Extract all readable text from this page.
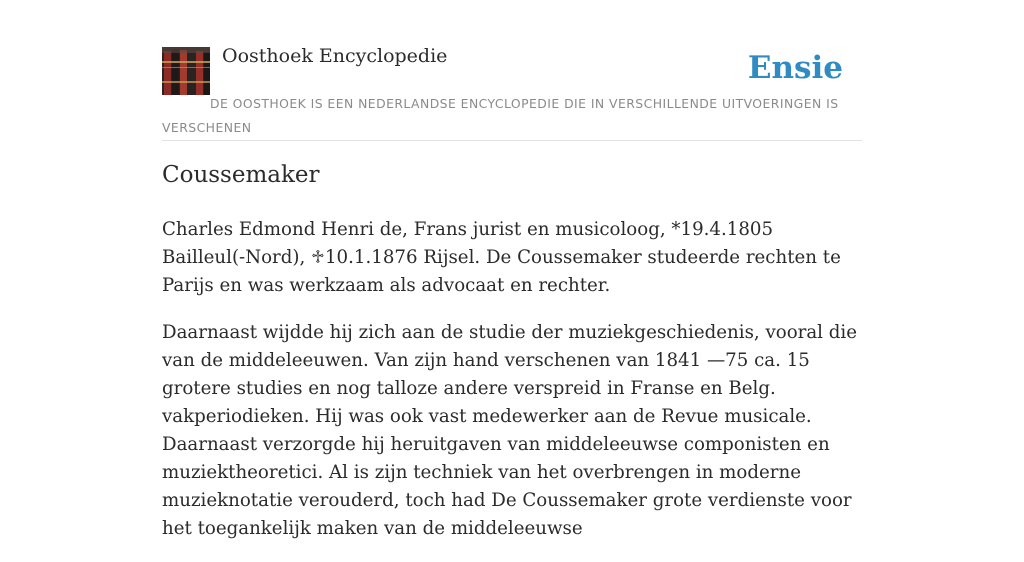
Oosthoek Encyclopedie	Ensie
DE OOSTHOEK IS EEN NEDERLANDSE ENCYCLOPEDIE DIE IN VERSCHILLENDE UITVOERINGEN IS VERSCHENEN
Coussemaker

Charles Edmond Henri de, Frans jurist en musicoloog, *19.4.1805 Bailleul(-Nord), ♱10.1.1876 Rijsel. De Coussemaker studeerde rechten te Parijs en was werkzaam als advocaat en rechter.

Daarnaast wijdde hij zich aan de studie der muziekgeschiedenis, vooral die van de middeleeuwen. Van zijn hand verschenen van 1841 —75 ca. 15 grotere studies en nog talloze andere verspreid in Franse en Belg. vakperiodieken. Hij was ook vast medewerker aan de Revue musicale. Daarnaast verzorgde hij heruitgaven van middeleeuwse componisten en muziektheoretici. Al is zijn techniek van het overbrengen in moderne muzieknotatie verouderd, toch had De Coussemaker grote verdienste voor het toegankelijk maken van de middeleeuwse
